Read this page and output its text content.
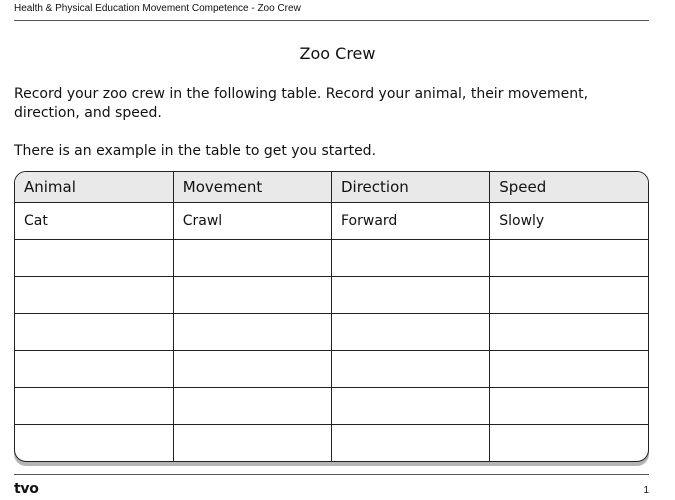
Health & Physical Education Movement Competence - Zoo Crew
Zoo Crew

Record your zoo crew in the following table. Record your animal, their movement, direction, and speed.

There is an example in the table to get you started.

Animal	Movement	Direction	Speed
Cat	Crawl	Forward	Slowly

tvo	1
